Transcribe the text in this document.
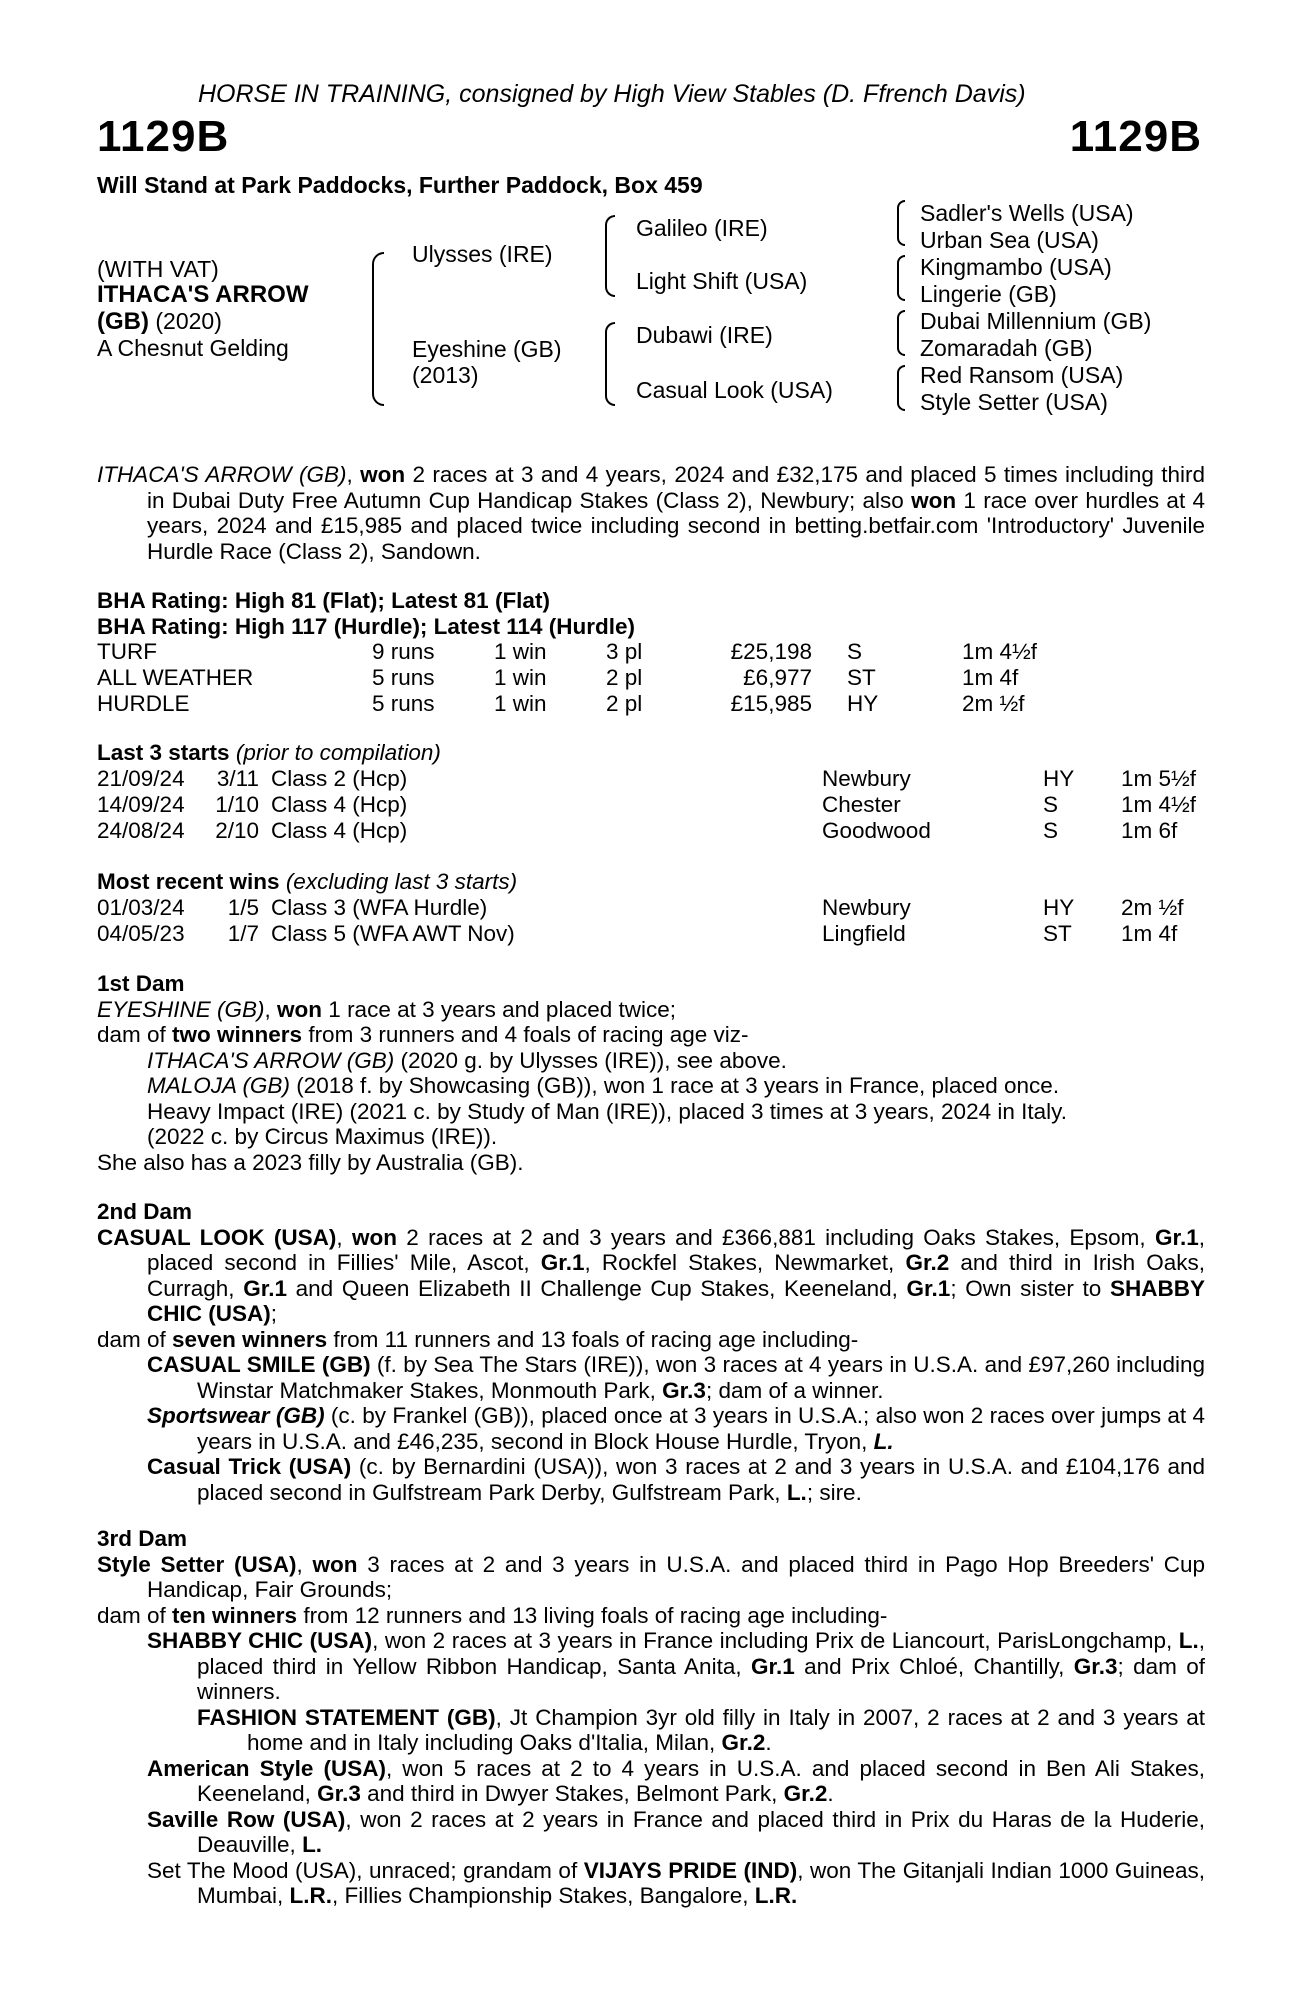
HORSE IN TRAINING, consigned by High View Stables (D. Ffrench Davis)
1129B	1129B
Will Stand at Park Paddocks, Further Paddock, Box 459
(WITH VAT)
ITHACA'S ARROW
(GB) (2020)
A Chesnut Gelding
Ulysses (IRE)
Eyeshine (GB)
(2013)
Galileo (IRE)
Light Shift (USA)
Dubawi (IRE)
Casual Look (USA)
Sadler's Wells (USA)
Urban Sea (USA)
Kingmambo (USA)
Lingerie (GB)
Dubai Millennium (GB)
Zomaradah (GB)
Red Ransom (USA)
Style Setter (USA)

ITHACA'S ARROW (GB), won 2 races at 3 and 4 years, 2024 and £32,175 and placed 5 times including third in Dubai Duty Free Autumn Cup Handicap Stakes (Class 2), Newbury; also won 1 race over hurdles at 4 years, 2024 and £15,985 and placed twice including second in betting.betfair.com 'Introductory' Juvenile Hurdle Race (Class 2), Sandown.

BHA Rating: High 81 (Flat); Latest 81 (Flat)
BHA Rating: High 117 (Hurdle); Latest 114 (Hurdle)
TURF	9 runs	1 win	3 pl	£25,198	S	1m 4½f
ALL WEATHER	5 runs	1 win	2 pl	£6,977	ST	1m 4f
HURDLE	5 runs	1 win	2 pl	£15,985	HY	2m ½f
Last 3 starts (prior to compilation)
21/09/24	3/11	Class 2 (Hcp)	Newbury	HY	1m 5½f
14/09/24	1/10	Class 4 (Hcp)	Chester	S	1m 4½f
24/08/24	2/10	Class 4 (Hcp)	Goodwood	S	1m 6f
Most recent wins (excluding last 3 starts)
01/03/24	1/5	Class 3 (WFA Hurdle)	Newbury	HY	2m ½f
04/05/23	1/7	Class 5 (WFA AWT Nov)	Lingfield	ST	1m 4f

1st Dam

EYESHINE (GB), won 1 race at 3 years and placed twice;

dam of two winners from 3 runners and 4 foals of racing age viz-

ITHACA'S ARROW (GB) (2020 g. by Ulysses (IRE)), see above.

MALOJA (GB) (2018 f. by Showcasing (GB)), won 1 race at 3 years in France, placed once.

Heavy Impact (IRE) (2021 c. by Study of Man (IRE)), placed 3 times at 3 years, 2024 in Italy.

(2022 c. by Circus Maximus (IRE)).

She also has a 2023 filly by Australia (GB).

2nd Dam

CASUAL LOOK (USA), won 2 races at 2 and 3 years and £366,881 including Oaks Stakes, Epsom, Gr.1, placed second in Fillies' Mile, Ascot, Gr.1, Rockfel Stakes, Newmarket, Gr.2 and third in Irish Oaks, Curragh, Gr.1 and Queen Elizabeth II Challenge Cup Stakes, Keeneland, Gr.1; Own sister to SHABBY CHIC (USA);

dam of seven winners from 11 runners and 13 foals of racing age including-

CASUAL SMILE (GB) (f. by Sea The Stars (IRE)), won 3 races at 4 years in U.S.A. and £97,260 including Winstar Matchmaker Stakes, Monmouth Park, Gr.3; dam of a winner.

Sportswear (GB) (c. by Frankel (GB)), placed once at 3 years in U.S.A.; also won 2 races over jumps at 4 years in U.S.A. and £46,235, second in Block House Hurdle, Tryon, L.

Casual Trick (USA) (c. by Bernardini (USA)), won 3 races at 2 and 3 years in U.S.A. and £104,176 and placed second in Gulfstream Park Derby, Gulfstream Park, L.; sire.

3rd Dam

Style Setter (USA), won 3 races at 2 and 3 years in U.S.A. and placed third in Pago Hop Breeders' Cup Handicap, Fair Grounds;

dam of ten winners from 12 runners and 13 living foals of racing age including-

SHABBY CHIC (USA), won 2 races at 3 years in France including Prix de Liancourt, ParisLongchamp, L., placed third in Yellow Ribbon Handicap, Santa Anita, Gr.1 and Prix Chloé, Chantilly, Gr.3; dam of winners.

FASHION STATEMENT (GB), Jt Champion 3yr old filly in Italy in 2007, 2 races at 2 and 3 years at home and in Italy including Oaks d'Italia, Milan, Gr.2.

American Style (USA), won 5 races at 2 to 4 years in U.S.A. and placed second in Ben Ali Stakes, Keeneland, Gr.3 and third in Dwyer Stakes, Belmont Park, Gr.2.

Saville Row (USA), won 2 races at 2 years in France and placed third in Prix du Haras de la Huderie, Deauville, L.

Set The Mood (USA), unraced; grandam of VIJAYS PRIDE (IND), won The Gitanjali Indian 1000 Guineas, Mumbai, L.R., Fillies Championship Stakes, Bangalore, L.R.
